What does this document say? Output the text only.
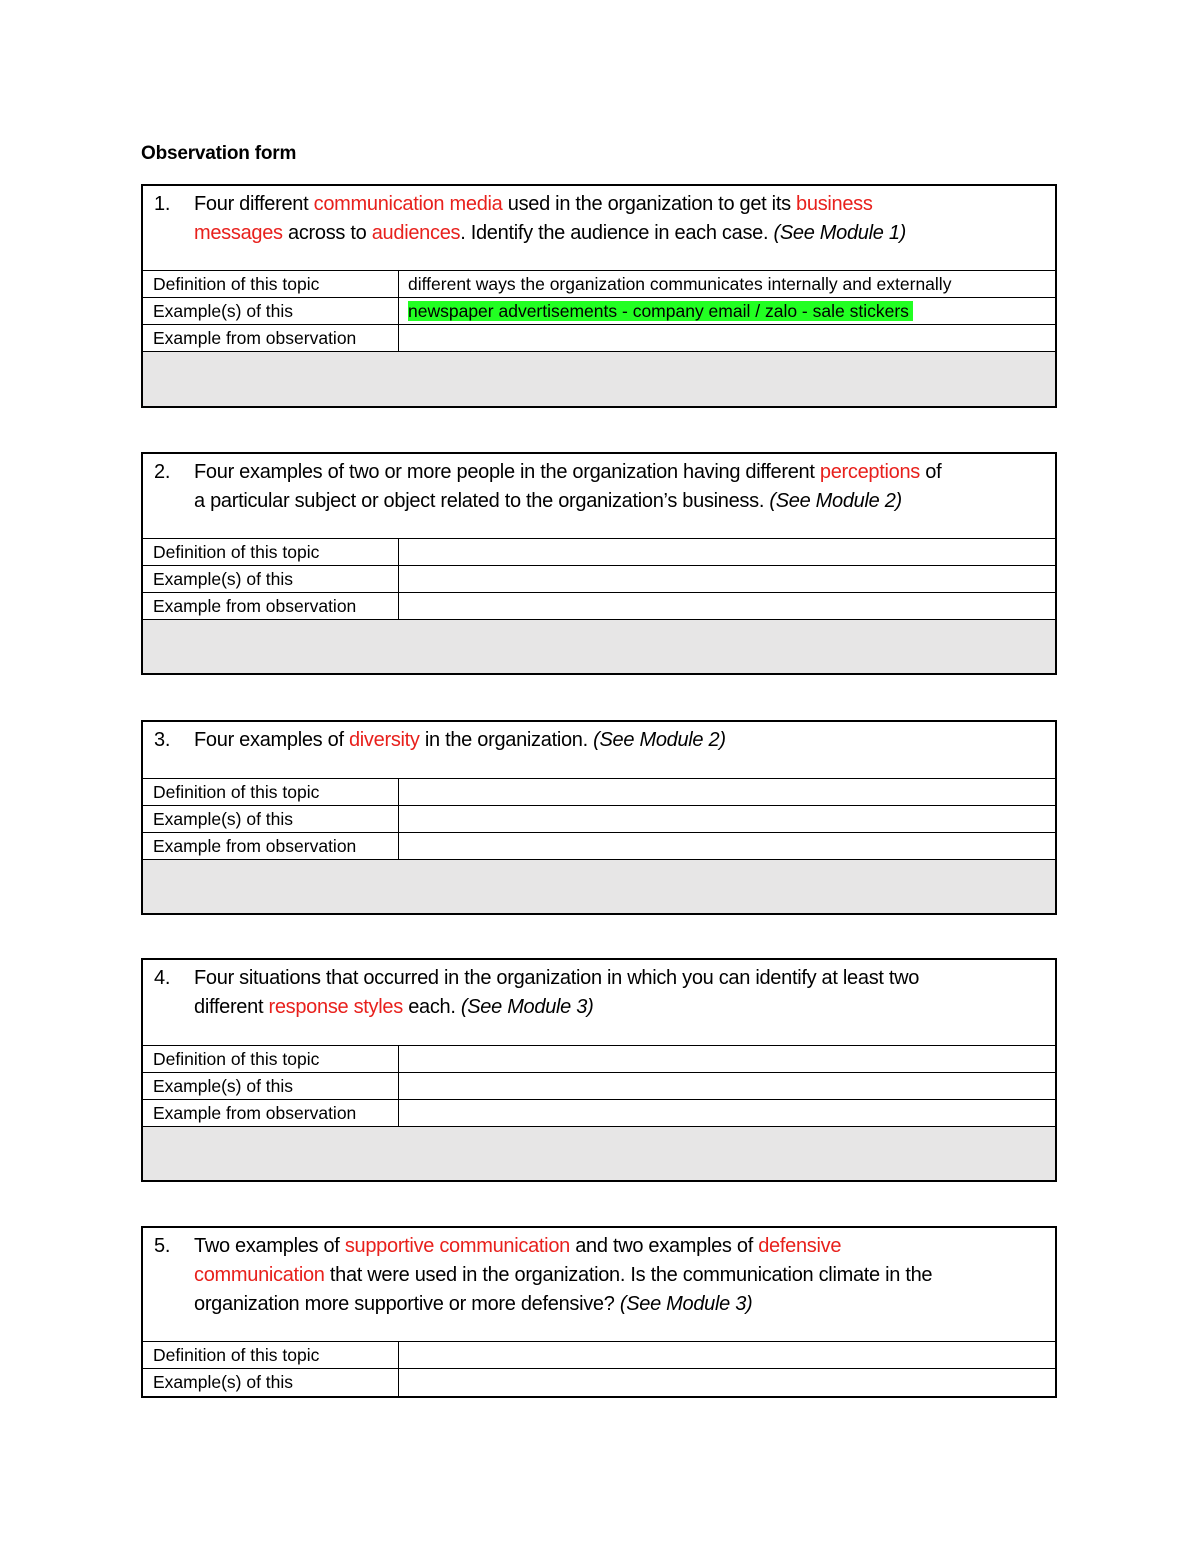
Observation form
1.	Four different communication media used in the organization to get its business
messages across to audiences. Identify the audience in each case. (See Module 1)
Definition of this topic	different ways the organization communicates internally and externally
Example(s) of this	newspaper advertisements - company email / zalo - sale stickers
Example from observation
2.	Four examples of two or more people in the organization having different perceptions of
a particular subject or object related to the organization’s business. (See Module 2)
Definition of this topic
Example(s) of this
Example from observation
3.	Four examples of diversity in the organization. (See Module 2)
Definition of this topic
Example(s) of this
Example from observation
4.	Four situations that occurred in the organization in which you can identify at least two
different response styles each. (See Module 3)
Definition of this topic
Example(s) of this
Example from observation
5.	Two examples of supportive communication and two examples of defensive
communication that were used in the organization. Is the communication climate in the
organization more supportive or more defensive? (See Module 3)
Definition of this topic
Example(s) of this
